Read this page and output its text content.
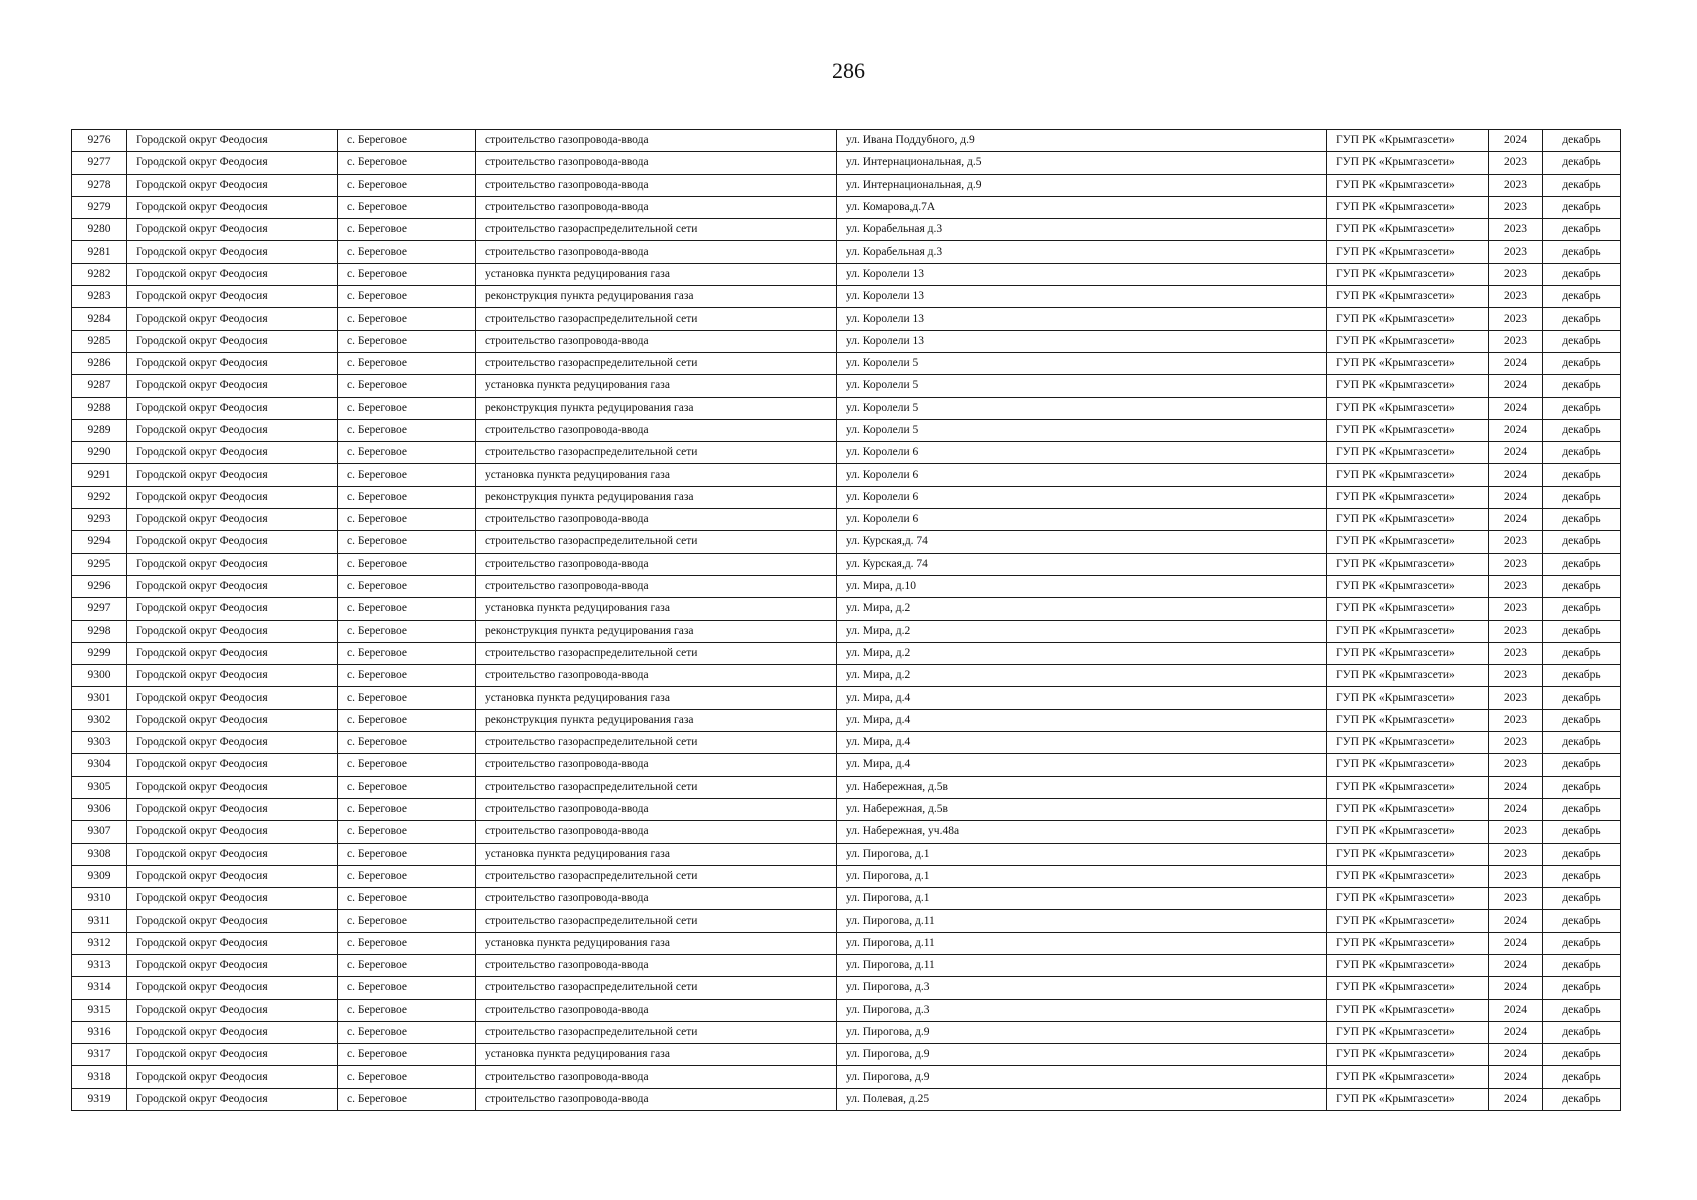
286
9276	Городской округ Феодосия	с. Береговое	строительство газопровода-ввода	ул. Ивана Поддубного, д.9	ГУП РК «Крымгазсети»	2024	декабрь
9277	Городской округ Феодосия	с. Береговое	строительство газопровода-ввода	ул. Интернациональная, д.5	ГУП РК «Крымгазсети»	2023	декабрь
9278	Городской округ Феодосия	с. Береговое	строительство газопровода-ввода	ул. Интернациональная, д.9	ГУП РК «Крымгазсети»	2023	декабрь
9279	Городской округ Феодосия	с. Береговое	строительство газопровода-ввода	ул. Комарова,д.7А	ГУП РК «Крымгазсети»	2023	декабрь
9280	Городской округ Феодосия	с. Береговое	строительство газораспределительной сети	ул. Корабельная д.3	ГУП РК «Крымгазсети»	2023	декабрь
9281	Городской округ Феодосия	с. Береговое	строительство газопровода-ввода	ул. Корабельная д.3	ГУП РК «Крымгазсети»	2023	декабрь
9282	Городской округ Феодосия	с. Береговое	установка пункта редуцирования газа	ул. Королели 13	ГУП РК «Крымгазсети»	2023	декабрь
9283	Городской округ Феодосия	с. Береговое	реконструкция пункта редуцирования газа	ул. Королели 13	ГУП РК «Крымгазсети»	2023	декабрь
9284	Городской округ Феодосия	с. Береговое	строительство газораспределительной сети	ул. Королели 13	ГУП РК «Крымгазсети»	2023	декабрь
9285	Городской округ Феодосия	с. Береговое	строительство газопровода-ввода	ул. Королели 13	ГУП РК «Крымгазсети»	2023	декабрь
9286	Городской округ Феодосия	с. Береговое	строительство газораспределительной сети	ул. Королели 5	ГУП РК «Крымгазсети»	2024	декабрь
9287	Городской округ Феодосия	с. Береговое	установка пункта редуцирования газа	ул. Королели 5	ГУП РК «Крымгазсети»	2024	декабрь
9288	Городской округ Феодосия	с. Береговое	реконструкция пункта редуцирования газа	ул. Королели 5	ГУП РК «Крымгазсети»	2024	декабрь
9289	Городской округ Феодосия	с. Береговое	строительство газопровода-ввода	ул. Королели 5	ГУП РК «Крымгазсети»	2024	декабрь
9290	Городской округ Феодосия	с. Береговое	строительство газораспределительной сети	ул. Королели 6	ГУП РК «Крымгазсети»	2024	декабрь
9291	Городской округ Феодосия	с. Береговое	установка пункта редуцирования газа	ул. Королели 6	ГУП РК «Крымгазсети»	2024	декабрь
9292	Городской округ Феодосия	с. Береговое	реконструкция пункта редуцирования газа	ул. Королели 6	ГУП РК «Крымгазсети»	2024	декабрь
9293	Городской округ Феодосия	с. Береговое	строительство газопровода-ввода	ул. Королели 6	ГУП РК «Крымгазсети»	2024	декабрь
9294	Городской округ Феодосия	с. Береговое	строительство газораспределительной сети	ул. Курская,д. 74	ГУП РК «Крымгазсети»	2023	декабрь
9295	Городской округ Феодосия	с. Береговое	строительство газопровода-ввода	ул. Курская,д. 74	ГУП РК «Крымгазсети»	2023	декабрь
9296	Городской округ Феодосия	с. Береговое	строительство газопровода-ввода	ул. Мира, д.10	ГУП РК «Крымгазсети»	2023	декабрь
9297	Городской округ Феодосия	с. Береговое	установка пункта редуцирования газа	ул. Мира, д.2	ГУП РК «Крымгазсети»	2023	декабрь
9298	Городской округ Феодосия	с. Береговое	реконструкция пункта редуцирования газа	ул. Мира, д.2	ГУП РК «Крымгазсети»	2023	декабрь
9299	Городской округ Феодосия	с. Береговое	строительство газораспределительной сети	ул. Мира, д.2	ГУП РК «Крымгазсети»	2023	декабрь
9300	Городской округ Феодосия	с. Береговое	строительство газопровода-ввода	ул. Мира, д.2	ГУП РК «Крымгазсети»	2023	декабрь
9301	Городской округ Феодосия	с. Береговое	установка пункта редуцирования газа	ул. Мира, д.4	ГУП РК «Крымгазсети»	2023	декабрь
9302	Городской округ Феодосия	с. Береговое	реконструкция пункта редуцирования газа	ул. Мира, д.4	ГУП РК «Крымгазсети»	2023	декабрь
9303	Городской округ Феодосия	с. Береговое	строительство газораспределительной сети	ул. Мира, д.4	ГУП РК «Крымгазсети»	2023	декабрь
9304	Городской округ Феодосия	с. Береговое	строительство газопровода-ввода	ул. Мира, д.4	ГУП РК «Крымгазсети»	2023	декабрь
9305	Городской округ Феодосия	с. Береговое	строительство газораспределительной сети	ул. Набережная, д.5в	ГУП РК «Крымгазсети»	2024	декабрь
9306	Городской округ Феодосия	с. Береговое	строительство газопровода-ввода	ул. Набережная, д.5в	ГУП РК «Крымгазсети»	2024	декабрь
9307	Городской округ Феодосия	с. Береговое	строительство газопровода-ввода	ул. Набережная, уч.48а	ГУП РК «Крымгазсети»	2023	декабрь
9308	Городской округ Феодосия	с. Береговое	установка пункта редуцирования газа	ул. Пирогова, д.1	ГУП РК «Крымгазсети»	2023	декабрь
9309	Городской округ Феодосия	с. Береговое	строительство газораспределительной сети	ул. Пирогова, д.1	ГУП РК «Крымгазсети»	2023	декабрь
9310	Городской округ Феодосия	с. Береговое	строительство газопровода-ввода	ул. Пирогова, д.1	ГУП РК «Крымгазсети»	2023	декабрь
9311	Городской округ Феодосия	с. Береговое	строительство газораспределительной сети	ул. Пирогова, д.11	ГУП РК «Крымгазсети»	2024	декабрь
9312	Городской округ Феодосия	с. Береговое	установка пункта редуцирования газа	ул. Пирогова, д.11	ГУП РК «Крымгазсети»	2024	декабрь
9313	Городской округ Феодосия	с. Береговое	строительство газопровода-ввода	ул. Пирогова, д.11	ГУП РК «Крымгазсети»	2024	декабрь
9314	Городской округ Феодосия	с. Береговое	строительство газораспределительной сети	ул. Пирогова, д.3	ГУП РК «Крымгазсети»	2024	декабрь
9315	Городской округ Феодосия	с. Береговое	строительство газопровода-ввода	ул. Пирогова, д.3	ГУП РК «Крымгазсети»	2024	декабрь
9316	Городской округ Феодосия	с. Береговое	строительство газораспределительной сети	ул. Пирогова, д.9	ГУП РК «Крымгазсети»	2024	декабрь
9317	Городской округ Феодосия	с. Береговое	установка пункта редуцирования газа	ул. Пирогова, д.9	ГУП РК «Крымгазсети»	2024	декабрь
9318	Городской округ Феодосия	с. Береговое	строительство газопровода-ввода	ул. Пирогова, д.9	ГУП РК «Крымгазсети»	2024	декабрь
9319	Городской округ Феодосия	с. Береговое	строительство газопровода-ввода	ул. Полевая, д.25	ГУП РК «Крымгазсети»	2024	декабрь
